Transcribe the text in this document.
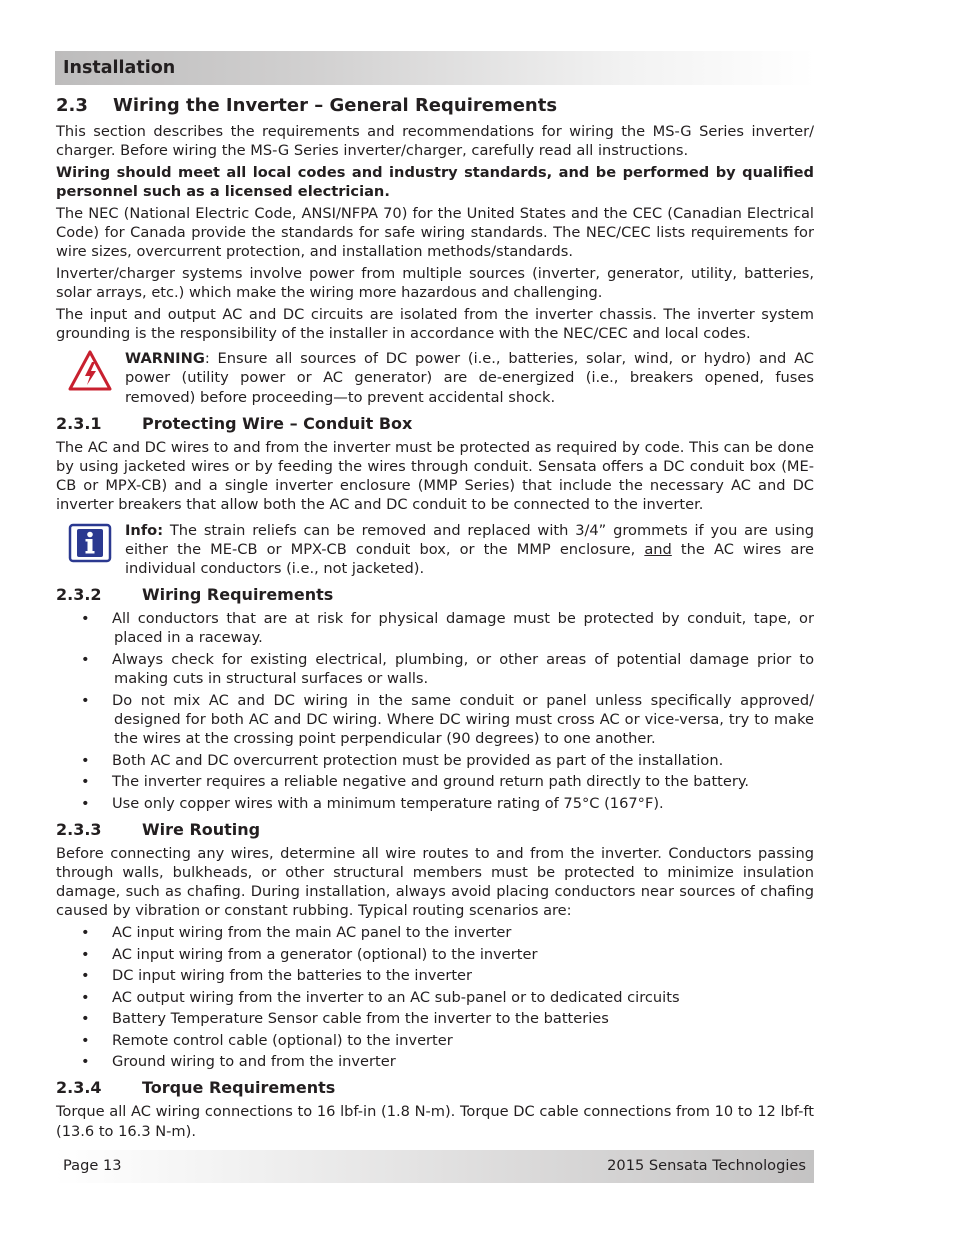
Installation
2.3 Wiring the Inverter – General Requirements

This section describes the requirements and recommendations for wiring the MS-G Series inverter/ charger. Before wiring the MS-G Series inverter/charger, carefully read all instructions.

Wiring should meet all local codes and industry standards, and be performed by qualified personnel such as a licensed electrician.

The NEC (National Electric Code, ANSI/NFPA 70) for the United States and the CEC (Canadian Electrical Code) for Canada provide the standards for safe wiring standards. The NEC/CEC lists requirements for wire sizes, overcurrent protection, and installation methods/standards.

Inverter/charger systems involve power from multiple sources (inverter, generator, utility, batteries, solar arrays, etc.) which make the wiring more hazardous and challenging.

The input and output AC and DC circuits are isolated from the inverter chassis. The inverter system grounding is the responsibility of the installer in accordance with the NEC/CEC and local codes.

WARNING: Ensure all sources of DC power (i.e., batteries, solar, wind, or hydro) and AC power (utility power or AC generator) are de-energized (i.e., breakers opened, fuses removed) before proceeding—to prevent accidental shock.

2.3.1	Protecting Wire – Conduit Box

The AC and DC wires to and from the inverter must be protected as required by code. This can be done by using jacketed wires or by feeding the wires through conduit. Sensata offers a DC conduit box (ME-CB or MPX-CB) and a single inverter enclosure (MMP Series) that include the necessary AC and DC inverter breakers that allow both the AC and DC conduit to be connected to the inverter.

Info: The strain reliefs can be removed and replaced with 3/4” grommets if you are using either the ME-CB or MPX-CB conduit box, or the MMP enclosure, and the AC wires are individual conductors (i.e., not jacketed).

2.3.2	Wiring Requirements
• All conductors that are at risk for physical damage must be protected by conduit, tape, or placed in a raceway.
• Always check for existing electrical, plumbing, or other areas of potential damage prior to making cuts in structural surfaces or walls.
• Do not mix AC and DC wiring in the same conduit or panel unless specifically approved/ designed for both AC and DC wiring. Where DC wiring must cross AC or vice-versa, try to make the wires at the crossing point perpendicular (90 degrees) to one another.
• Both AC and DC overcurrent protection must be provided as part of the installation.
• The inverter requires a reliable negative and ground return path directly to the battery.
• Use only copper wires with a minimum temperature rating of 75°C (167°F).
2.3.3	Wire Routing

Before connecting any wires, determine all wire routes to and from the inverter. Conductors passing through walls, bulkheads, or other structural members must be protected to minimize insulation damage, such as chafing. During installation, always avoid placing conductors near sources of chafing caused by vibration or constant rubbing. Typical routing scenarios are:

• AC input wiring from the main AC panel to the inverter
• AC input wiring from a generator (optional) to the inverter
• DC input wiring from the batteries to the inverter
• AC output wiring from the inverter to an AC sub-panel or to dedicated circuits
• Battery Temperature Sensor cable from the inverter to the batteries
• Remote control cable (optional) to the inverter
• Ground wiring to and from the inverter
2.3.4	Torque Requirements

Torque all AC wiring connections to 16 lbf-in (1.8 N-m). Torque DC cable connections from 10 to 12 lbf-ft (13.6 to 16.3 N-m).

Page 13	2015 Sensata Technologies
